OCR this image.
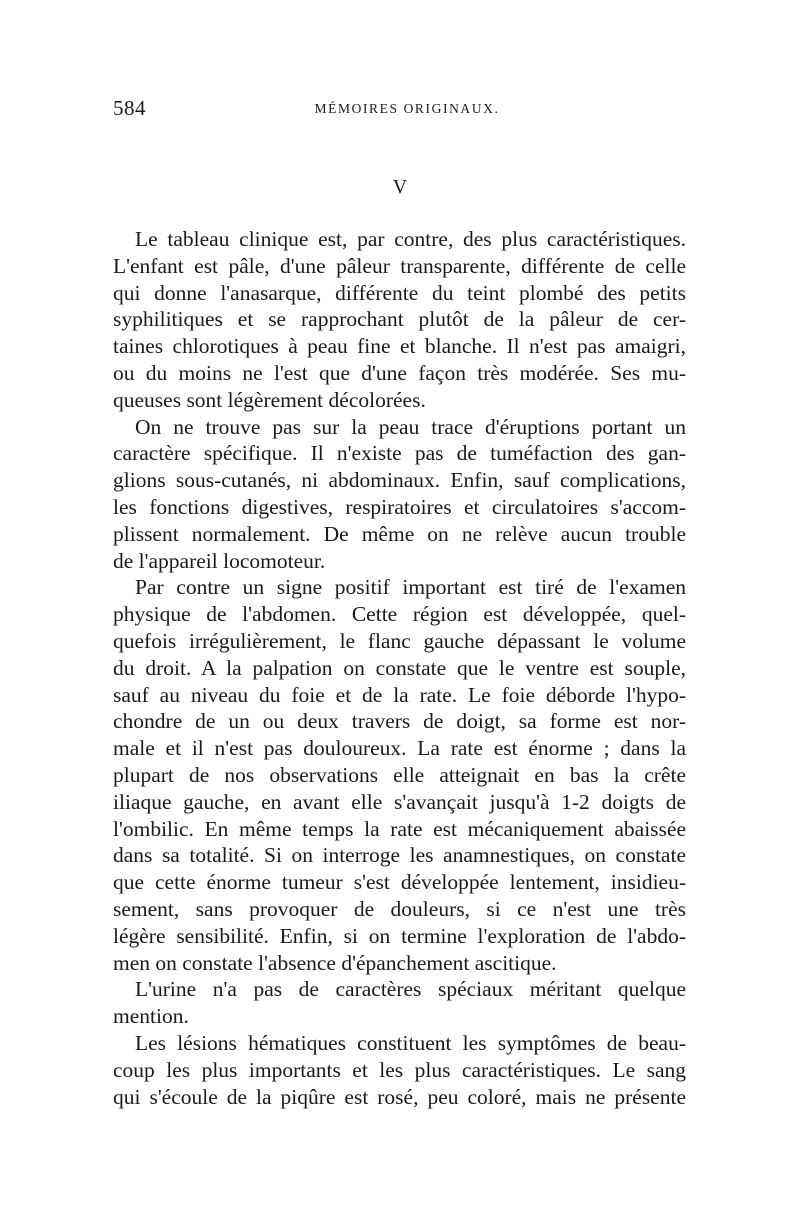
584	MÉMOIRES ORIGINAUX.
V
Le tableau clinique est, par contre, des plus caractéristiques.
L'enfant est pâle, d'une pâleur transparente, différente de celle
qui donne l'anasarque, différente du teint plombé des petits
syphilitiques et se rapprochant plutôt de la pâleur de cer-
taines chlorotiques à peau fine et blanche. Il n'est pas amaigri,
ou du moins ne l'est que d'une façon très modérée. Ses mu-
queuses sont légèrement décolorées.
On ne trouve pas sur la peau trace d'éruptions portant un
caractère spécifique. Il n'existe pas de tuméfaction des gan-
glions sous-cutanés, ni abdominaux. Enfin, sauf complications,
les fonctions digestives, respiratoires et circulatoires s'accom-
plissent normalement. De même on ne relève aucun trouble
de l'appareil locomoteur.
Par contre un signe positif important est tiré de l'examen
physique de l'abdomen. Cette région est développée, quel-
quefois irrégulièrement, le flanc gauche dépassant le volume
du droit. A la palpation on constate que le ventre est souple,
sauf au niveau du foie et de la rate. Le foie déborde l'hypo-
chondre de un ou deux travers de doigt, sa forme est nor-
male et il n'est pas douloureux. La rate est énorme ; dans la
plupart de nos observations elle atteignait en bas la crête
iliaque gauche, en avant elle s'avançait jusqu'à 1-2 doigts de
l'ombilic. En même temps la rate est mécaniquement abaissée
dans sa totalité. Si on interroge les anamnestiques, on constate
que cette énorme tumeur s'est développée lentement, insidieu-
sement, sans provoquer de douleurs, si ce n'est une très
légère sensibilité. Enfin, si on termine l'exploration de l'abdo-
men on constate l'absence d'épanchement ascitique.
L'urine n'a pas de caractères spéciaux méritant quelque
mention.
Les lésions hématiques constituent les symptômes de beau-
coup les plus importants et les plus caractéristiques. Le sang
qui s'écoule de la piqûre est rosé, peu coloré, mais ne présente
